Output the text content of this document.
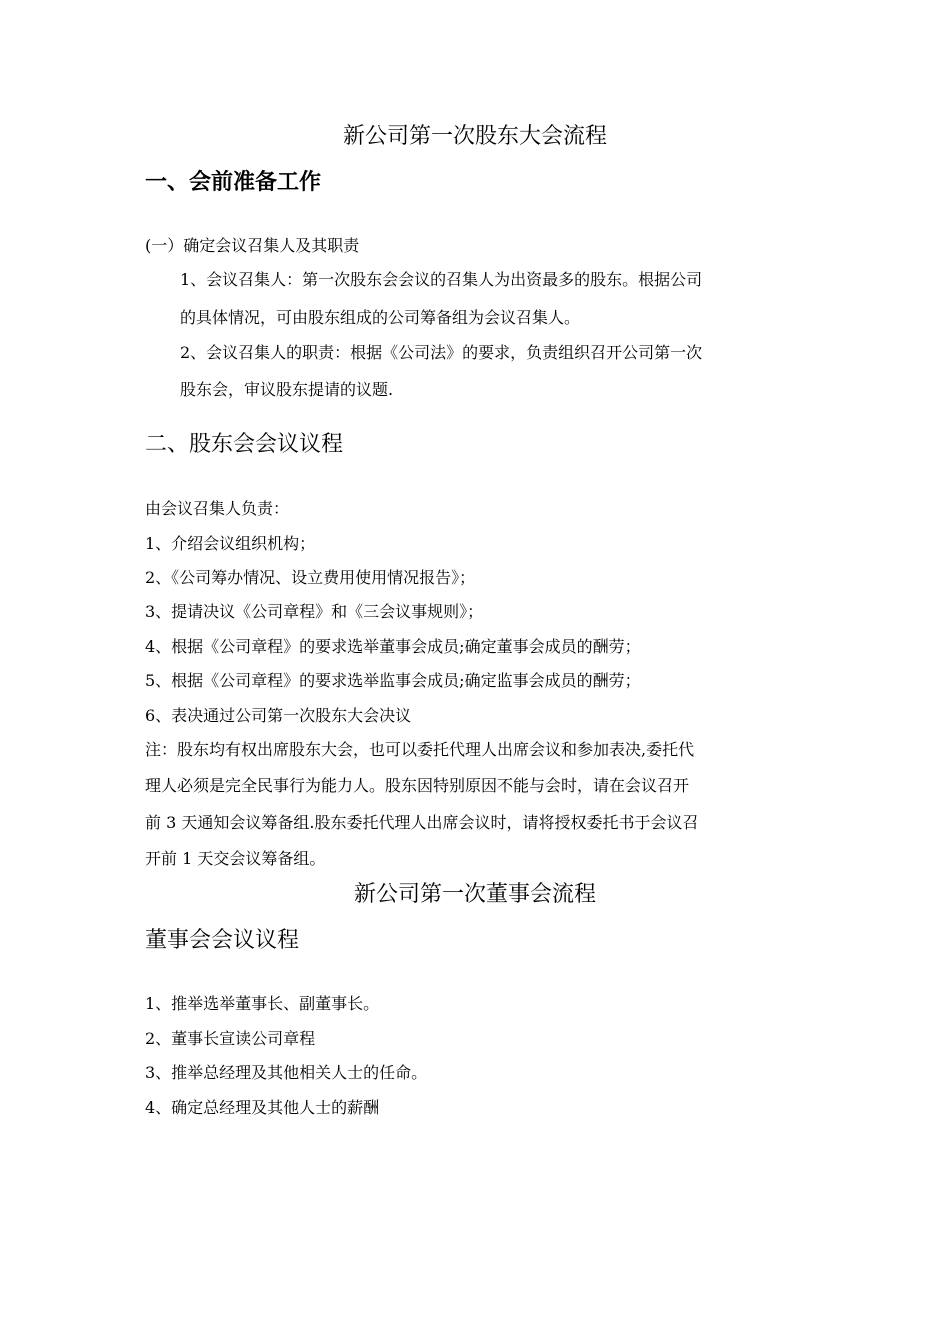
新公司第一次股东大会流程
一、会前准备工作
(一）确定会议召集人及其职责
1、会议召集人：第一次股东会会议的召集人为出资最多的股东。根据公司
的具体情况，可由股东组成的公司筹备组为会议召集人。
2、会议召集人的职责：根据《公司法》的要求，负责组织召开公司第一次
股东会，审议股东提请的议题.
二、股东会会议议程
由会议召集人负责：
1、介绍会议组织机构；
2、《公司筹办情况、设立费用使用情况报告》；
3、提请决议《公司章程》和《三会议事规则》；
4、根据《公司章程》的要求选举董事会成员;确定董事会成员的酬劳；
5、根据《公司章程》的要求选举监事会成员;确定监事会成员的酬劳；
6、表决通过公司第一次股东大会决议
注：股东均有权出席股东大会，也可以委托代理人出席会议和参加表决,委托代
理人必须是完全民事行为能力人。股东因特别原因不能与会时，请在会议召开
前 3 天通知会议筹备组.股东委托代理人出席会议时，请将授权委托书于会议召
开前 1 天交会议筹备组。
新公司第一次董事会流程
董事会会议议程
1、推举选举董事长、副董事长。
2、董事长宣读公司章程
3、推举总经理及其他相关人士的任命。
4、确定总经理及其他人士的薪酬
